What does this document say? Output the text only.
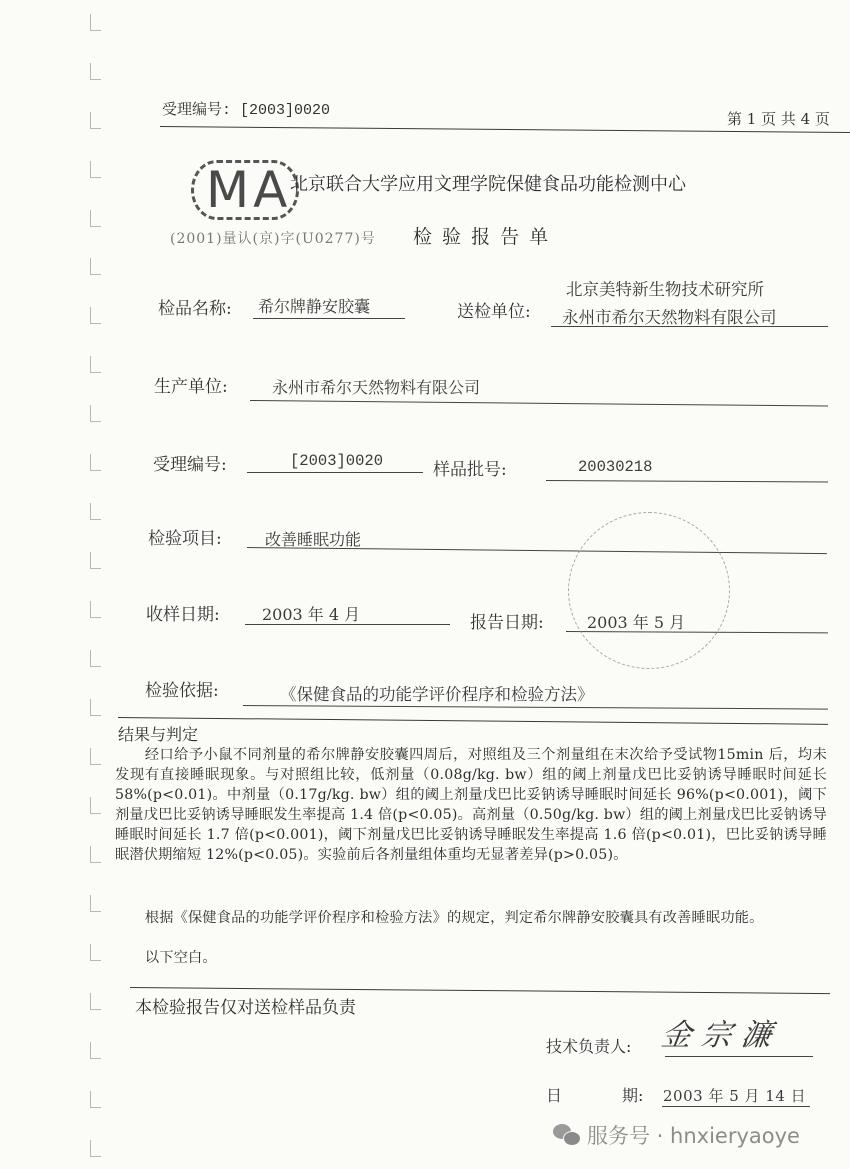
受理编号: [2003]0020	第 1 页 共 4 页
MA
(2001)量认(京)字(U0277)号
北京联合大学应用文理学院保健食品功能检测中心
检 验 报 告 单
检品名称: 希尔牌静安胶囊	送检单位:
北京美特新生物技术研究所
永州市希尔天然物料有限公司
生产单位:	永州市希尔天然物料有限公司
受理编号:	[2003]0020	样品批号:	20030218
检验项目:	改善睡眠功能
收样日期:	2003 年 4 月	报告日期:	2003 年 5 月
检验依据:	《保健食品的功能学评价程序和检验方法》
结果与判定
经口给予小鼠不同剂量的希尔牌静安胶囊四周后，对照组及三个剂量组在末次给予受试物15min 后，均未发现有直接睡眠现象。与对照组比较，低剂量（0.08g/kg. bw）组的阈上剂量戊巴比妥钠诱导睡眠时间延长 58%(p<0.01)。中剂量（0.17g/kg. bw）组的阈上剂量戊巴比妥钠诱导睡眠时间延长 96%(p<0.001)，阈下剂量戊巴比妥钠诱导睡眠发生率提高 1.4 倍(p<0.05)。高剂量（0.50g/kg. bw）组的阈上剂量戊巴比妥钠诱导睡眠时间延长 1.7 倍(p<0.001)，阈下剂量戊巴比妥钠诱导睡眠发生率提高 1.6 倍(p<0.01)，巴比妥钠诱导睡眠潜伏期缩短 12%(p<0.05)。实验前后各剂量组体重均无显著差异(p>0.05)。
根据《保健食品的功能学评价程序和检验方法》的规定，判定希尔牌静安胶囊具有改善睡眠功能。
以下空白。
本检验报告仅对送检样品负责
技术负责人: 金宗濂
日	期: 2003 年 5 月 14 日
服务号 · hnxieryaoye
